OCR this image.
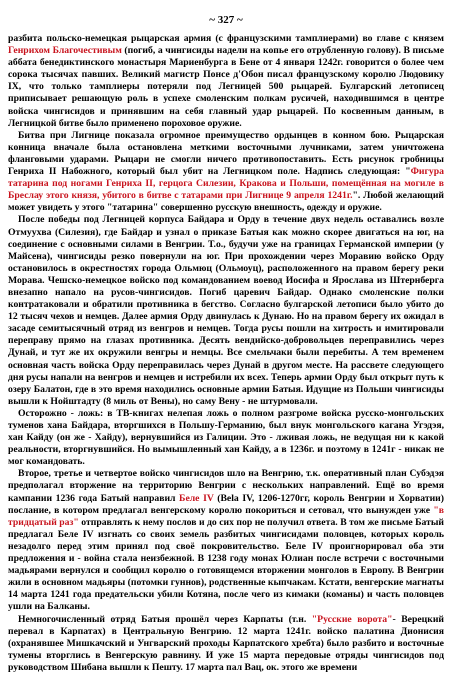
~ 327 ~

разбита польско-немецкая рыцарская армия (с французскими тамплиерами) во главе с князем Генрихом Благочестивым (погиб, а чингисиды надели на копье его отрубленную голову). В письме аббата бенедиктинского монастыря Мариенбурга в Бене от 4 января 1242г. говорится о более чем сорока тысячах павших. Великий магистр Понсе д'Обон писал французскому королю Людовику IX, что только тамплиеры потеряли под Легницей 500 рыцарей. Булгарский летописец приписывает решающую роль в успехе смоленским полкам русичей, находившимся в центре войска чингисидов и принявшим на себя главный удар рыцарей. По косвенным данным, в Легницкой битве было применено пороховое оружие.

Битва при Лигнице показала огромное преимущество ордынцев в конном бою. Рыцарская конница вначале была остановлена меткими восточными лучниками, затем уничтожена фланговыми ударами. Рыцари не смогли ничего противопоставить. Есть рисунок гробницы Генриха II Набожного, который был убит на Легницком поле. Надпись следующая: "Фигура татарина под ногами Генриха II, герцога Силезии, Кракова и Польши, помещённая на могиле в Бреслау этого князя, убитого в битве с татарами при Лигнице 9 апреля 1241г.". Любой желающий может увидеть у этого "татарина" совершенно русскую внешность, одежду и оружие.

После победы под Легницей корпуса Байдара и Орду в течение двух недель оставались возле Отмуухва (Силезия), где Байдар и узнал о приказе Батыя как можно скорее двигаться на юг, на соединение с основными силами в Венгрии. Т.о., будучи уже на границах Германской империи (у Майсена), чингисиды резко повернули на юг. При прохождении через Моравию войско Орду остановилось в окрестностях города Ольмюц (Ольмоуц), расположенного на правом берегу реки Морава. Чешско-немецкое войско под командованием воевод Иосифа и Ярослава из Штернберга внезапно напало на русов-чингисидов. Погиб царевич Байдар. Однако смоленские полки контратаковали и обратили противника в бегство. Согласно булгарской летописи было убито до 12 тысяч чехов и немцев. Далее армия Орду двинулась к Дунаю. Но на правом берегу их ожидал в засаде семитысячный отряд из венгров и немцев. Тогда русы пошли на хитрость и имитировали переправу прямо на глазах противника. Десять вендийско-добровольцев переправились через Дунай, и тут же их окружили венгры и немцы. Все смельчаки были перебиты. А тем временем основная часть войска Орду переправилась через Дунай в другом месте. На рассвете следующего дня русы напали на венгров и немцев и истребили их всех. Теперь армии Орду был открыт путь к озеру Балатон, где в это время находились основные армии Батыя. Идущие из Польши чингисиды вышли к Нойштадту (8 миль от Вены), но саму Вену - не штурмовали.

Осторожно - ложь: в ТВ-книгах нелепая ложь о полном разгроме войска русско-монгольских туменов хана Байдара, вторгшихся в Польшу-Германию, был внук монгольского кагана Угэдэя, хан Кайду (он же - Хайду), вернувшийся из Галиции. Это - лживая ложь, не ведущая ни к какой реальности, вторгнувшийся. Но вымышленный хан Кайду, а в 1236г. и поэтому в 1241г - никак не мог командовать.

Второе, третье и четвертое войско чингисидов шло на Венгрию, т.к. оперативный план Субэдэя предполагал вторжение на территорию Венгрии с нескольких направлений. Ещё во время кампании 1236 года Батый направил Беле IV (Bela IV, 1206-1270гг, король Венгрии и Хорватии) послание, в котором предлагал венгерскому королю покориться и сетовал, что вынужден уже "в тридцатый раз" отправлять к нему послов и до сих пор не получил ответа. В том же письме Батый предлагал Беле IV изгнать со своих земель разбитых чингисидами половцев, которых король незадолго перед этим принял под своё покровительство. Беле IV проигнорировал оба эти предложения и - война стала неизбежной. В 1238 году монах Юлиан после встречи с восточными мадьярами вернулся и сообщил королю о готовящемся вторжении монголов в Европу. В Венгрии жили в основном мадьяры (потомки гуннов), родственные кыпчакам. Кстати, венгерские магнаты 14 марта 1241 года предательски убили Котяна, после чего из кимаки (команы) и часть половцев ушли на Балканы.

Немногочисленный отряд Батыя прошёл через Карпаты (т.н. "Русские ворота"- Верецкий перевал в Карпатах) в Центральную Венгрию. 12 марта 1241г. войско палатина Дионисия (охранявшее Мишкачский и Унгварский проходы Карпатского хребта) было разбито и восточные тумены вторглись в Венгерскую равнину. И уже 15 марта передовые отряды чингисидов под руководством Шибана вышли к Пешту. 17 марта пал Вац, ок. этого же времени
